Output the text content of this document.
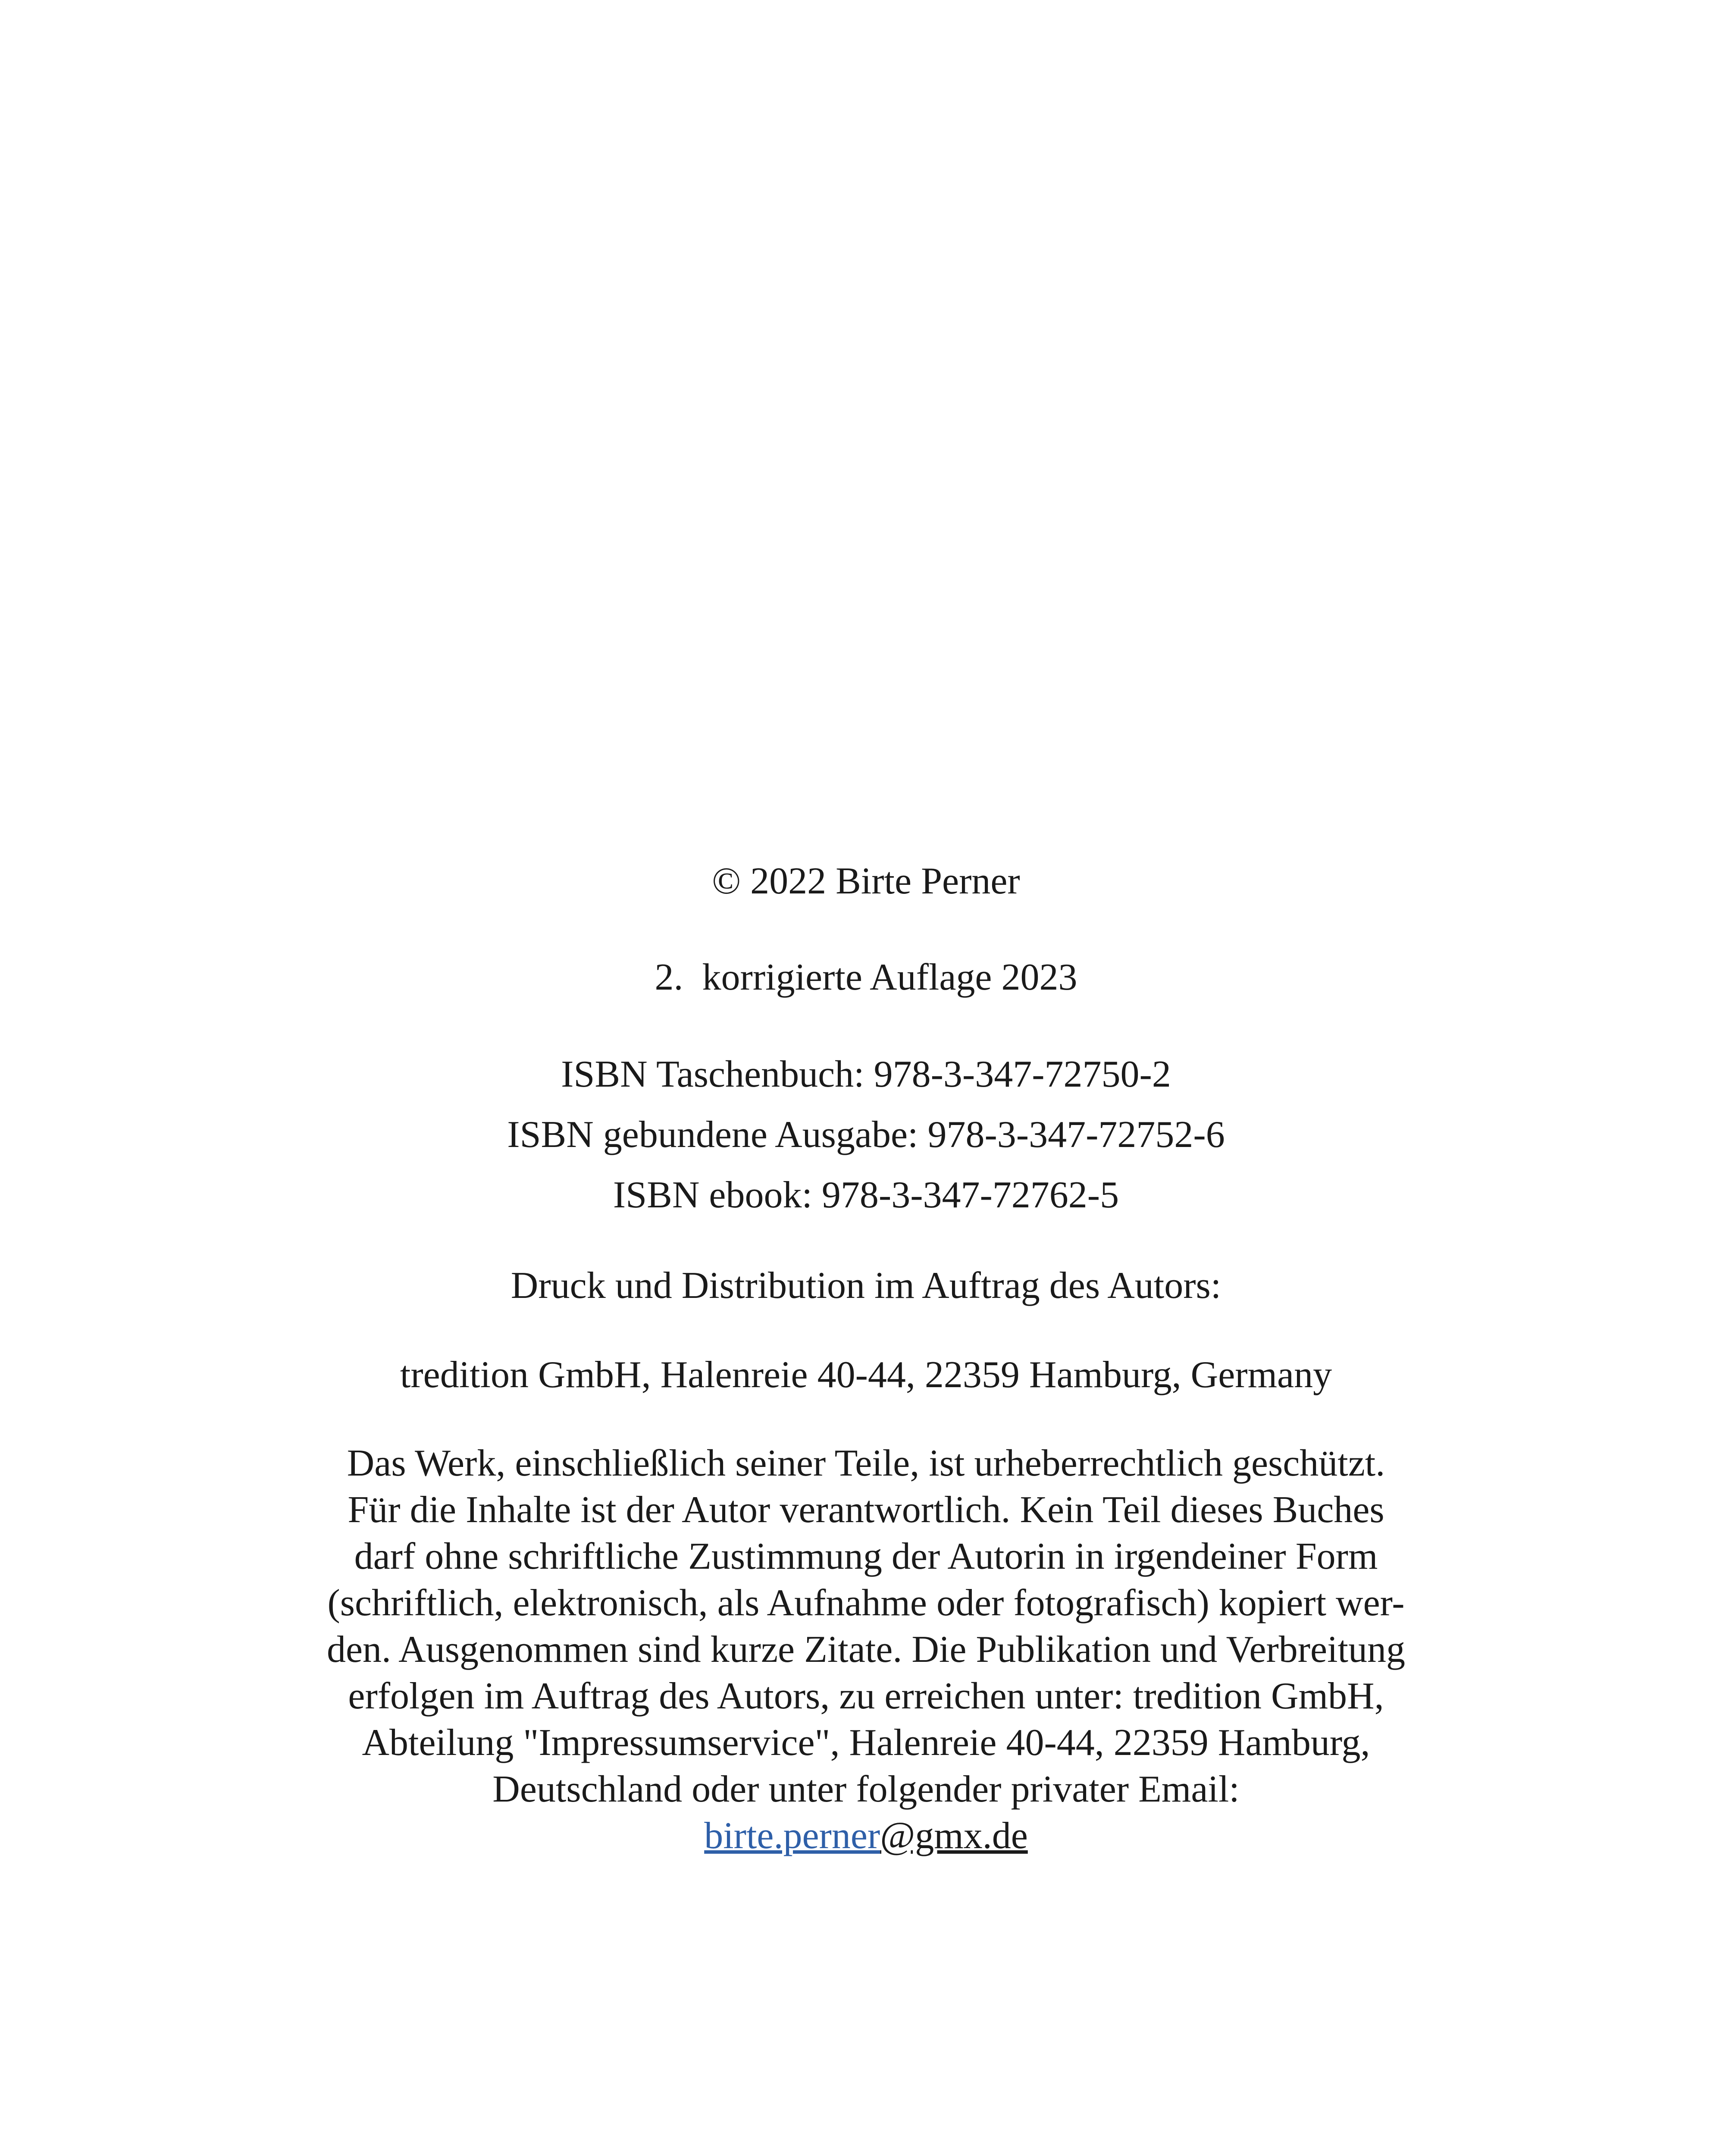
© 2022 Birte Perner
2. korrigierte Auflage 2023
ISBN Taschenbuch: 978-3-347-72750-2
ISBN gebundene Ausgabe: 978-3-347-72752-6
ISBN ebook: 978-3-347-72762-5
Druck und Distribution im Auftrag des Autors:
tredition GmbH, Halenreie 40-44, 22359 Hamburg, Germany
Das Werk, einschließlich seiner Teile, ist urheberrechtlich geschützt.
Für die Inhalte ist der Autor verantwortlich. Kein Teil dieses Buches
darf ohne schriftliche Zustimmung der Autorin in irgendeiner Form
(schriftlich, elektronisch, als Aufnahme oder fotografisch) kopiert wer-
den. Ausgenommen sind kurze Zitate. Die Publikation und Verbreitung
erfolgen im Auftrag des Autors, zu erreichen unter: tredition GmbH,
Abteilung "Impressumservice", Halenreie 40-44, 22359 Hamburg,
Deutschland oder unter folgender privater Email:
birte.perner@gmx.de
